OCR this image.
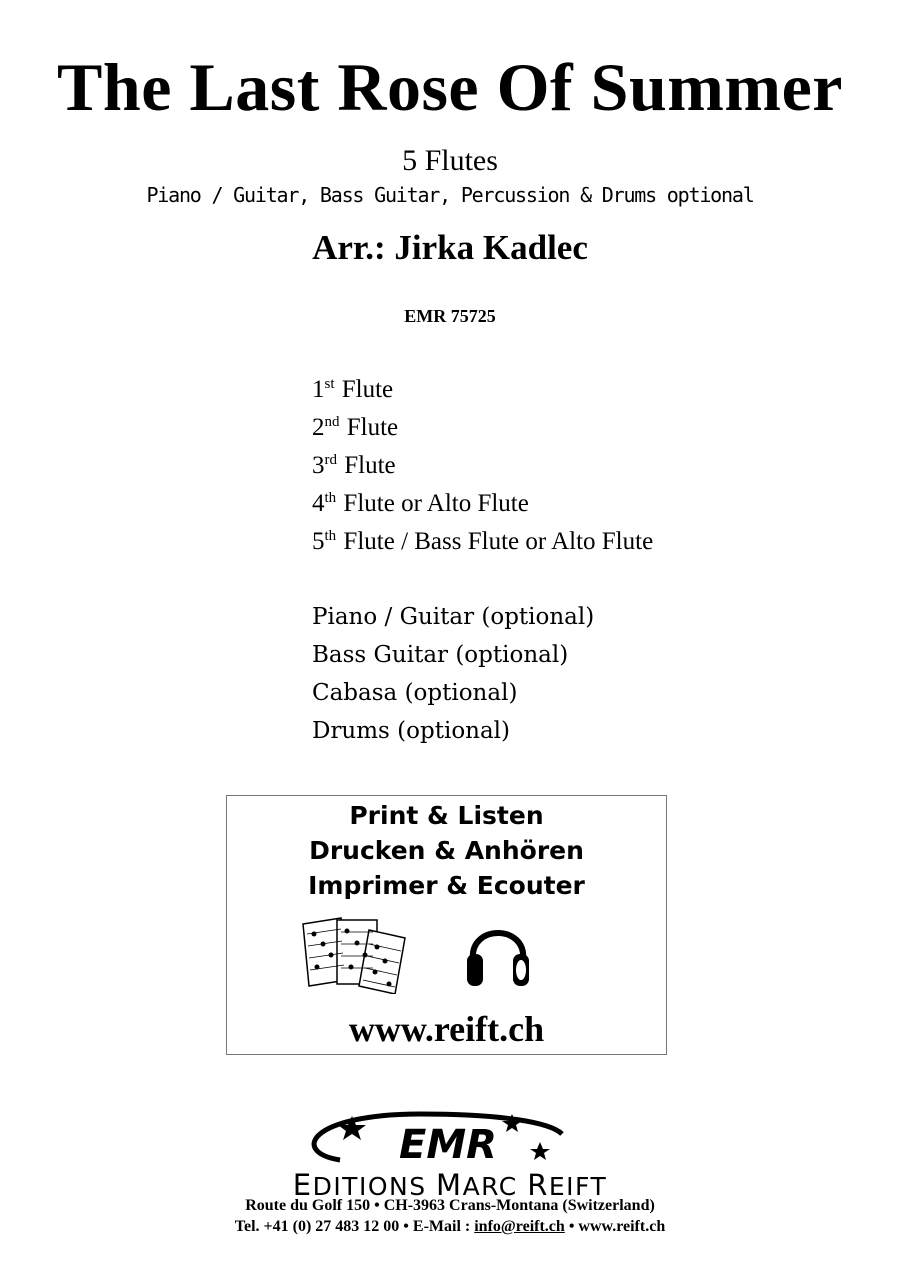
The Last Rose Of Summer
5 Flutes
Piano / Guitar, Bass Guitar, Percussion & Drums optional
Arr.: Jirka Kadlec
EMR 75725
1st Flute
2nd Flute
3rd Flute
4th Flute or Alto Flute
5th Flute / Bass Flute or Alto Flute
Piano / Guitar (optional)
Bass Guitar (optional)
Cabasa (optional)
Drums (optional)
Print & Listen
Drucken & Anhören
Imprimer & Ecouter
www.reift.ch
EMR
EDITIONS MARC REIFT
Route du Golf 150 • CH-3963 Crans-Montana (Switzerland)
Tel. +41 (0) 27 483 12 00 • E-Mail : info@reift.ch • www.reift.ch
